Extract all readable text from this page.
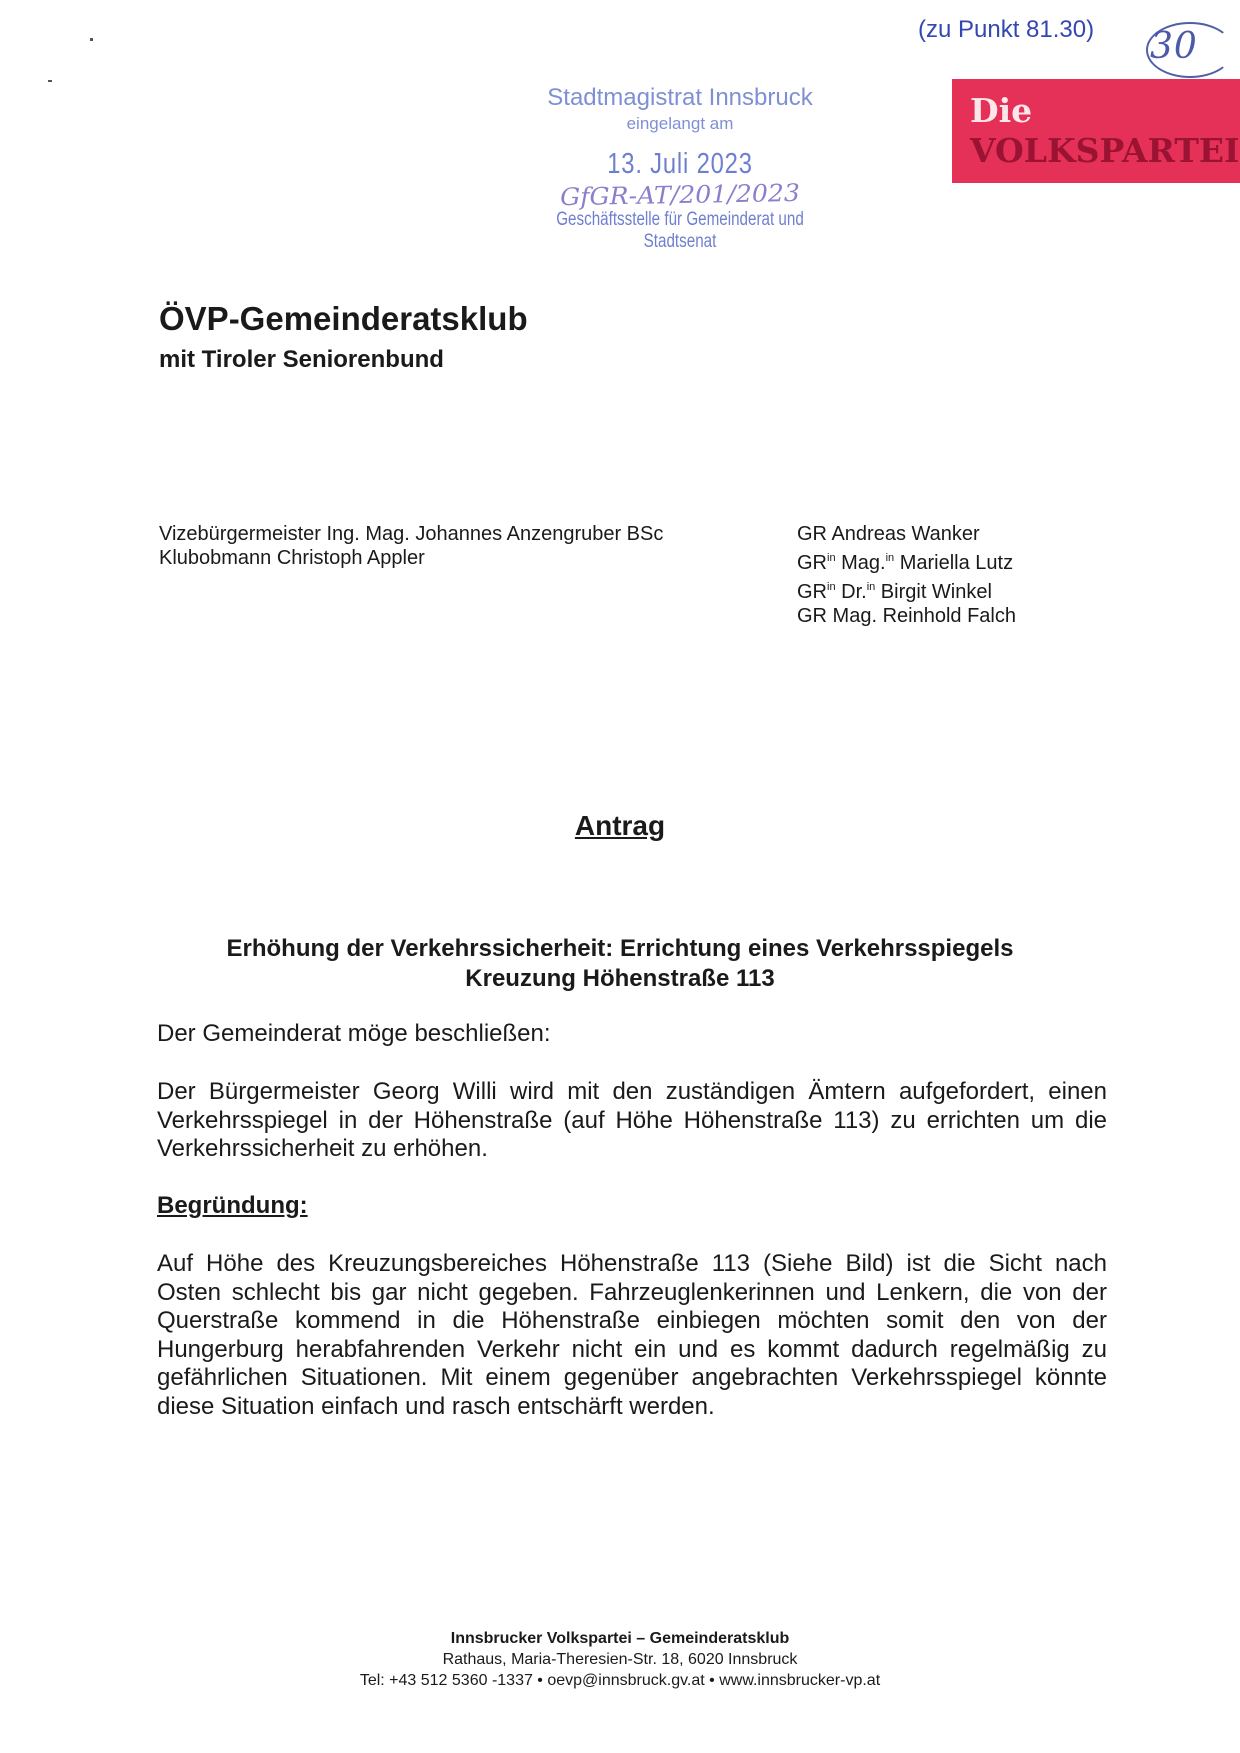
(zu Punkt 81.30) 30
Die
VOLKSPARTEI
Stadtmagistrat Innsbruck
eingelangt am
13. Juli 2023
GfGR-AT/201/2023
Geschäftsstelle für Gemeinderat und Stadtsenat
ÖVP-Gemeinderatsklub
mit Tiroler Seniorenbund
Vizebürgermeister Ing. Mag. Johannes Anzengruber BSc
Klubobmann Christoph Appler
GR Andreas Wanker
$GR^{in}$ Mag.$^{in}$ Mariella Lutz
$GR^{in}$ Dr.$^{in}$ Birgit Winkel
GR Mag. Reinhold Falch
Antrag
Erhöhung der Verkehrssicherheit: Errichtung eines Verkehrsspiegels
Kreuzung Höhenstraße 113
Der Gemeinderat möge beschließen:
Der Bürgermeister Georg Willi wird mit den zuständigen Ämtern aufgefordert, einen Verkehrsspiegel in der Höhenstraße (auf Höhe Höhenstraße 113) zu errichten um die Verkehrssicherheit zu erhöhen.
Begründung:
Auf Höhe des Kreuzungsbereiches Höhenstraße 113 (Siehe Bild) ist die Sicht nach Osten schlecht bis gar nicht gegeben. Fahrzeuglenkerinnen und Lenkern, die von der Querstraße kommend in die Höhenstraße einbiegen möchten somit den von der Hungerburg herabfahrenden Verkehr nicht ein und es kommt dadurch regelmäßig zu gefährlichen Situationen. Mit einem gegenüber angebrachten Verkehrsspiegel könnte diese Situation einfach und rasch entschärft werden.
Innsbrucker Volkspartei – Gemeinderatsklub
Rathaus, Maria-Theresien-Str. 18, 6020 Innsbruck
Tel: +43 512 5360 -1337 • oevp@innsbruck.gv.at • www.innsbrucker-vp.at
